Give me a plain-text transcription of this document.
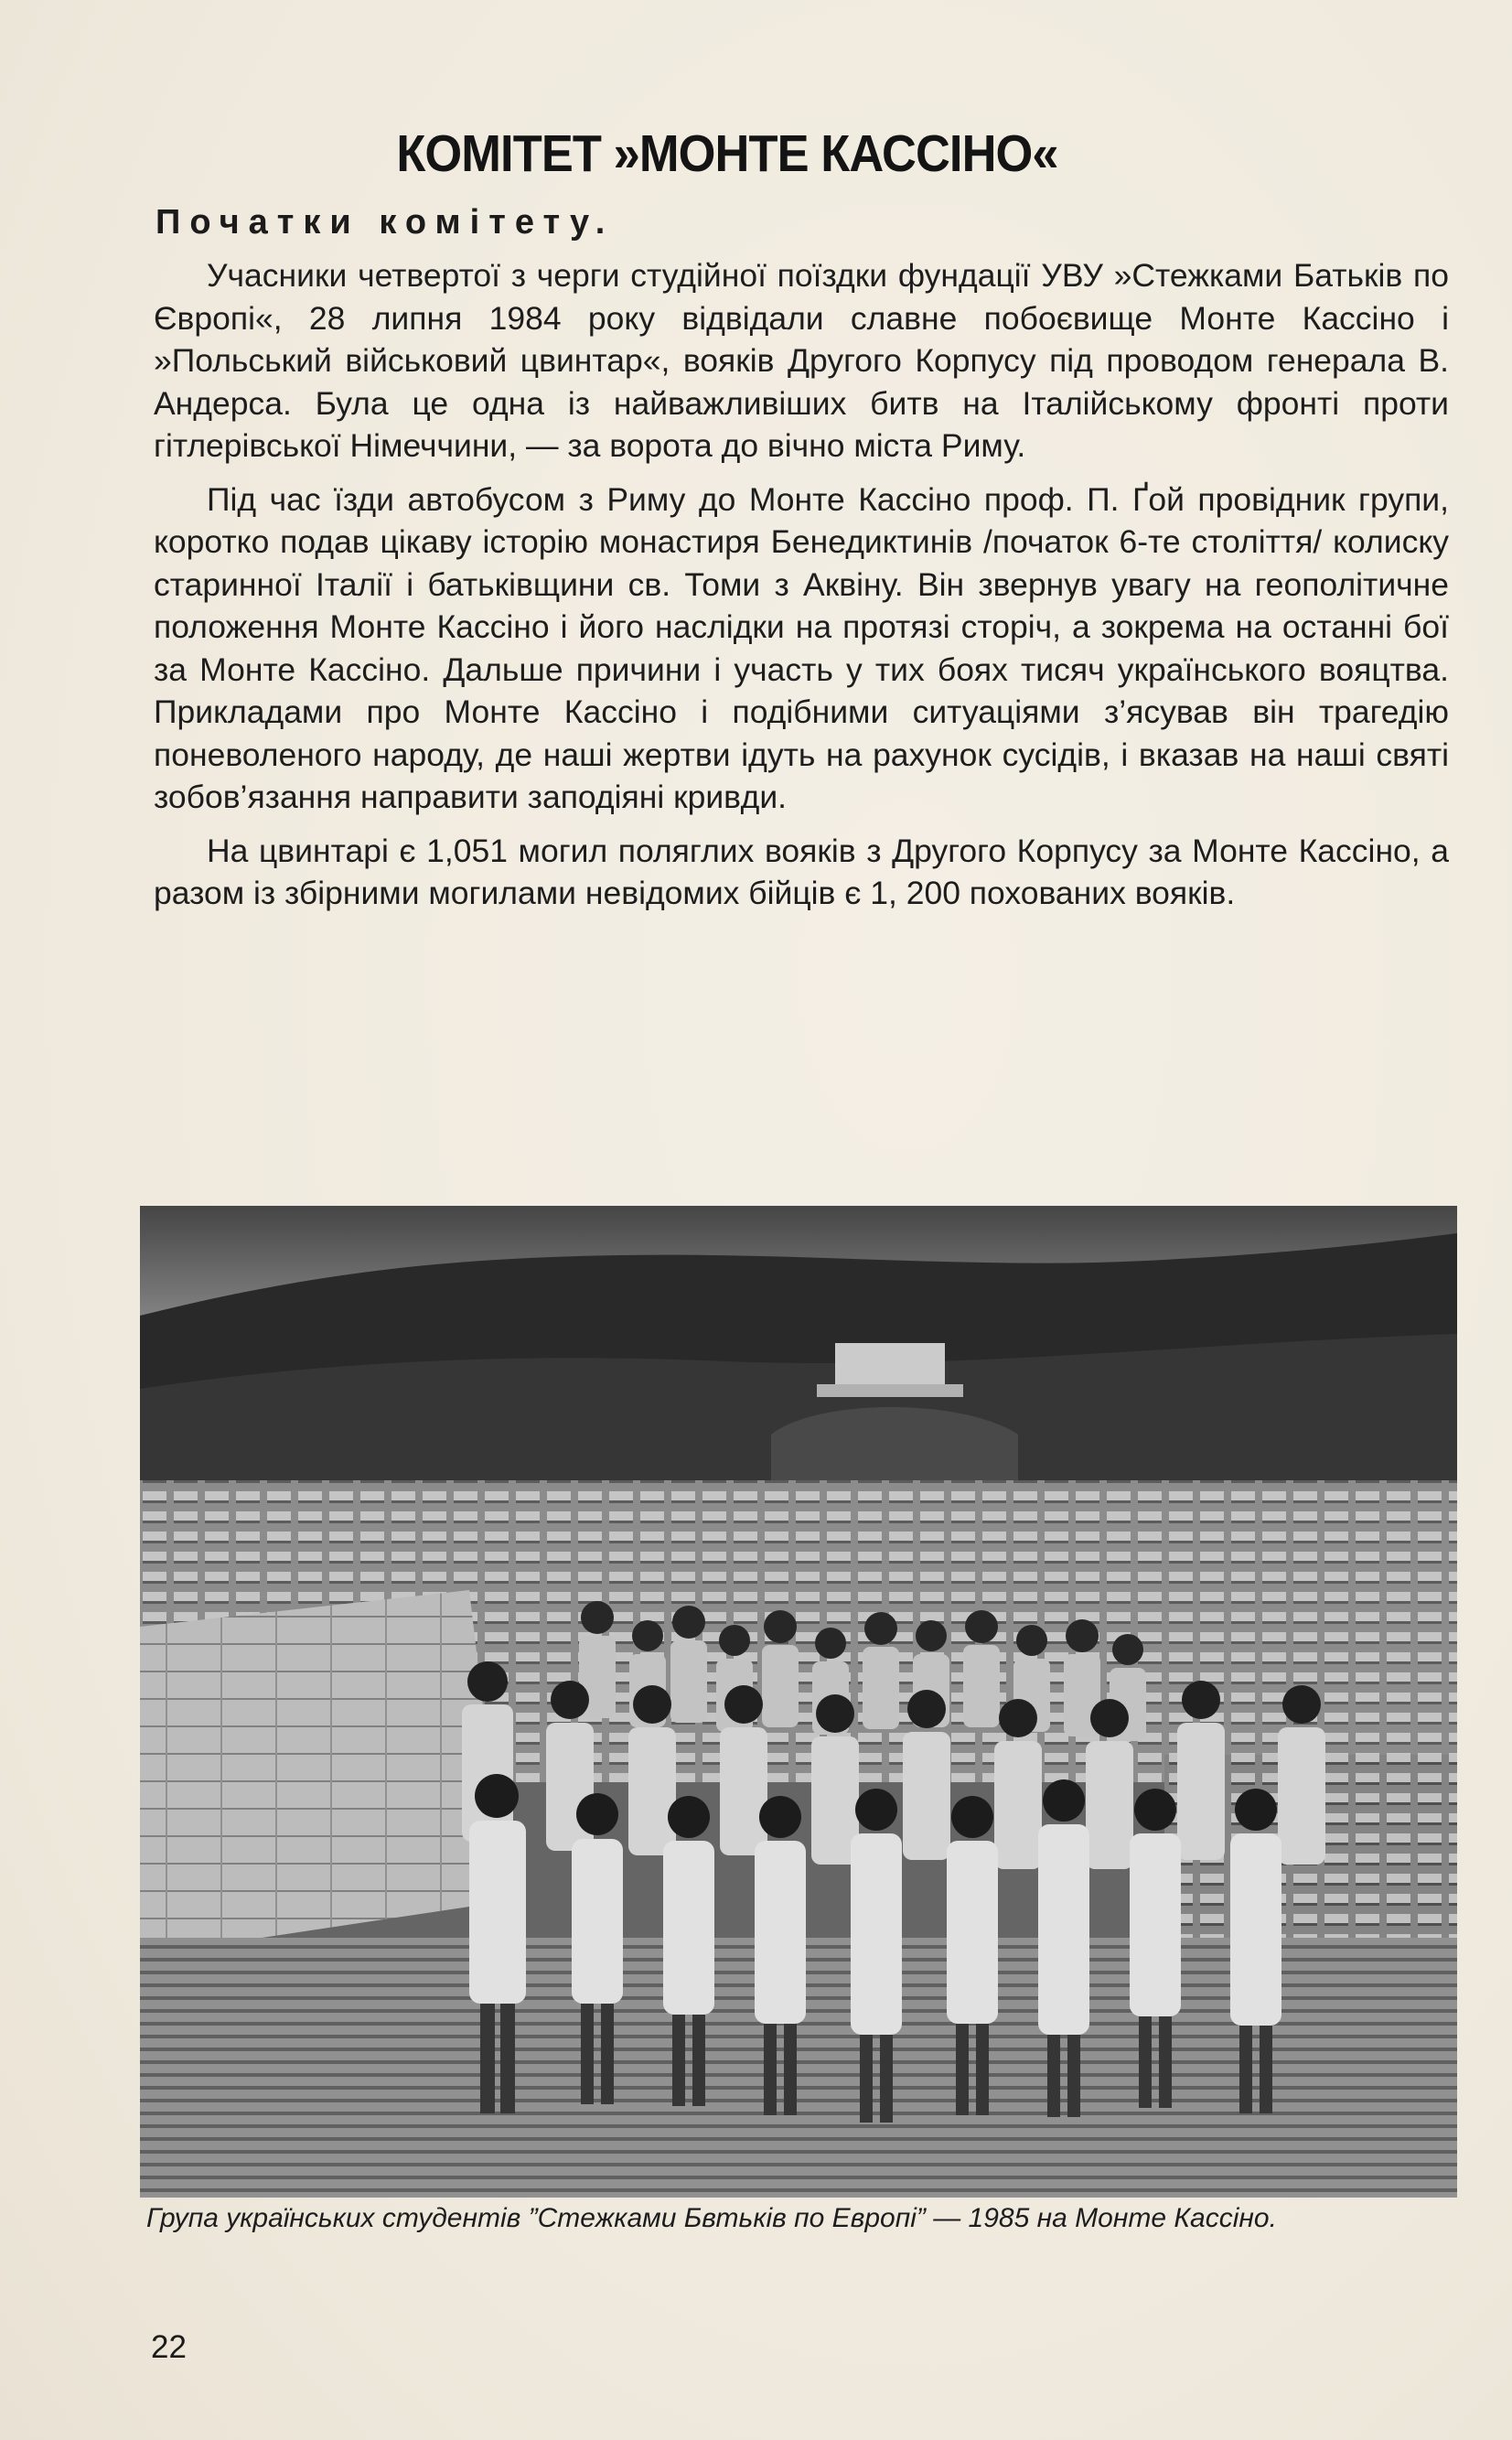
КОМІТЕТ »МОНТЕ КАССІНО«
Початки комітету.

Учасники четвертої з черги студійної поїздки фундації УВУ »Стежками Батьків по Європі«, 28 липня 1984 року відвідали славне побоєвище Монте Кассіно і »Польський військовий цвинтар«, вояків Другого Корпусу під проводом генерала В. Андерса. Була це одна із найважливіших битв на Італійському фронті проти гітлерівської Німеччини, — за ворота до вічно міста Риму.

Під час їзди автобусом з Риму до Монте Кассіно проф. П. Ґой провідник групи, коротко подав цікаву історію монастиря Бенедиктинів /початок 6-те століття/ колиску старинної Італії і батьківщини св. Томи з Аквіну. Він звернув увагу на геополітичне положення Монте Кассіно і його наслідки на протязі сторіч, а зокрема на останні бої за Монте Кассіно. Дальше причини і участь у тих боях тисяч українського вояцтва. Прикладами про Монте Кассіно і подібними ситуаціями з’ясував він трагедію поневоленого народу, де наші жертви ідуть на рахунок сусідів, і вказав на наші святі зобов’язання направити заподіяні кривди.

На цвинтарі є 1,051 могил поляглих вояків з Другого Корпусу за Монте Кассіно, а разом із збірними могилами невідомих бійців є 1, 200 похованих вояків.

Група українських студентів ”Стежками Бвтьків по Европі” — 1985 на Монте Кассіно.

22
